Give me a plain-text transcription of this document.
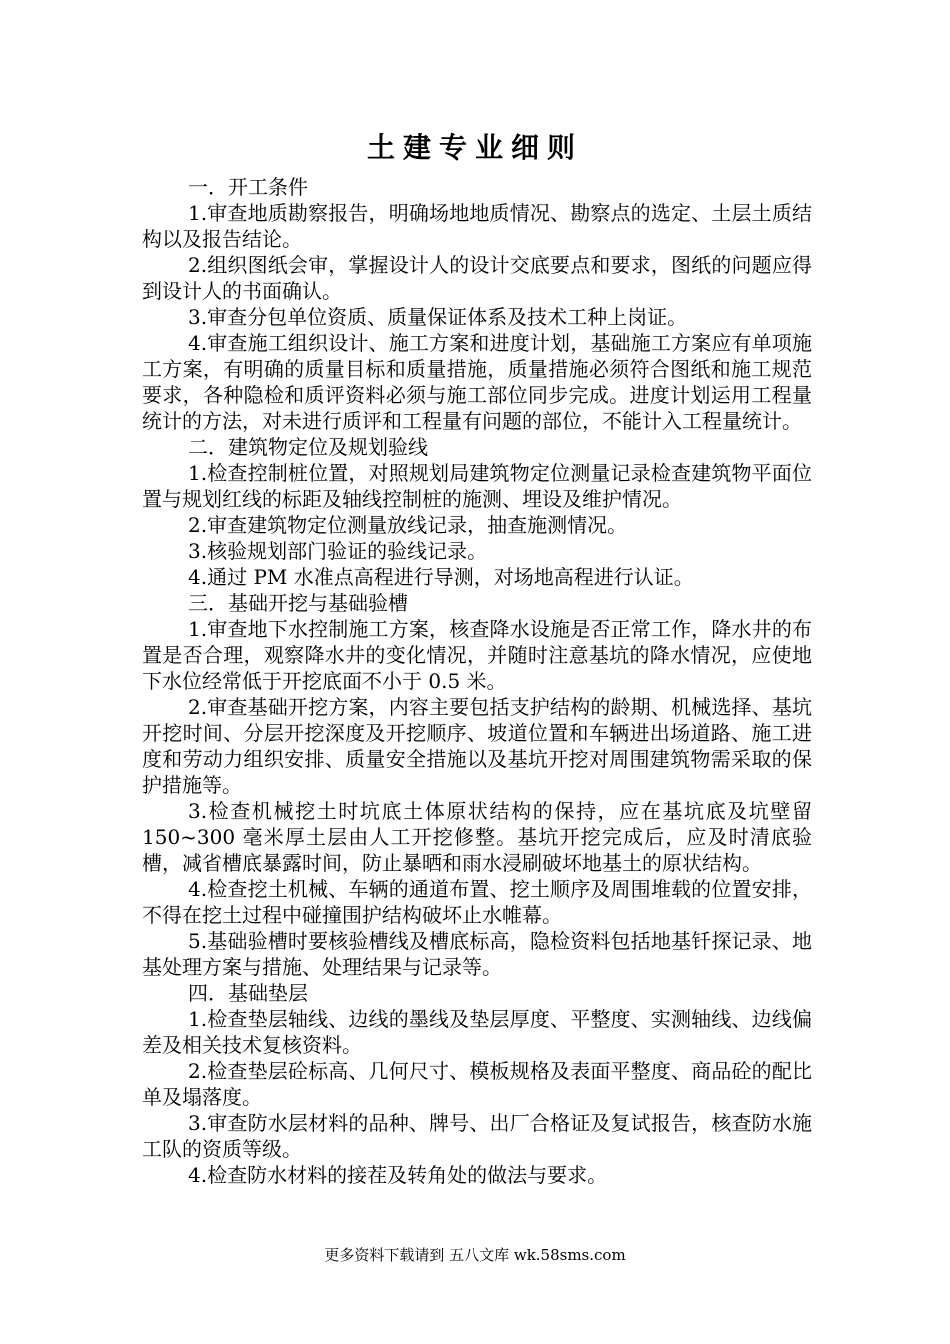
土建专业细则

一．开工条件

1.审查地质勘察报告，明确场地地质情况、勘察点的选定、土层土质结构以及报告结论。

2.组织图纸会审，掌握设计人的设计交底要点和要求，图纸的问题应得到设计人的书面确认。

3.审查分包单位资质、质量保证体系及技术工种上岗证。

4.审查施工组织设计、施工方案和进度计划，基础施工方案应有单项施工方案，有明确的质量目标和质量措施，质量措施必须符合图纸和施工规范要求，各种隐检和质评资料必须与施工部位同步完成。进度计划运用工程量统计的方法，对未进行质评和工程量有问题的部位，不能计入工程量统计。

二．建筑物定位及规划验线

1.检查控制桩位置，对照规划局建筑物定位测量记录检查建筑物平面位置与规划红线的标距及轴线控制桩的施测、埋设及维护情况。

2.审查建筑物定位测量放线记录，抽查施测情况。

3.核验规划部门验证的验线记录。

4.通过 PM 水准点高程进行导测，对场地高程进行认证。

三．基础开挖与基础验槽

1.审查地下水控制施工方案，核查降水设施是否正常工作，降水井的布置是否合理，观察降水井的变化情况，并随时注意基坑的降水情况，应使地下水位经常低于开挖底面不小于 0.5 米。

2.审查基础开挖方案，内容主要包括支护结构的龄期、机械选择、基坑开挖时间、分层开挖深度及开挖顺序、坡道位置和车辆进出场道路、施工进度和劳动力组织安排、质量安全措施以及基坑开挖对周围建筑物需采取的保护措施等。

3.检查机械挖土时坑底土体原状结构的保持，应在基坑底及坑壁留 150~300 毫米厚土层由人工开挖修整。基坑开挖完成后，应及时清底验槽，减省槽底暴露时间，防止暴晒和雨水浸刷破坏地基土的原状结构。

4.检查挖土机械、车辆的通道布置、挖土顺序及周围堆载的位置安排，不得在挖土过程中碰撞围护结构破坏止水帷幕。

5.基础验槽时要核验槽线及槽底标高，隐检资料包括地基钎探记录、地基处理方案与措施、处理结果与记录等。

四．基础垫层

1.检查垫层轴线、边线的墨线及垫层厚度、平整度、实测轴线、边线偏差及相关技术复核资料。

2.检查垫层砼标高、几何尺寸、模板规格及表面平整度、商品砼的配比单及塌落度。

3.审查防水层材料的品种、牌号、出厂合格证及复试报告，核查防水施工队的资质等级。

4.检查防水材料的接茬及转角处的做法与要求。

更多资料下载请到 五八文库 wk.58sms.com
